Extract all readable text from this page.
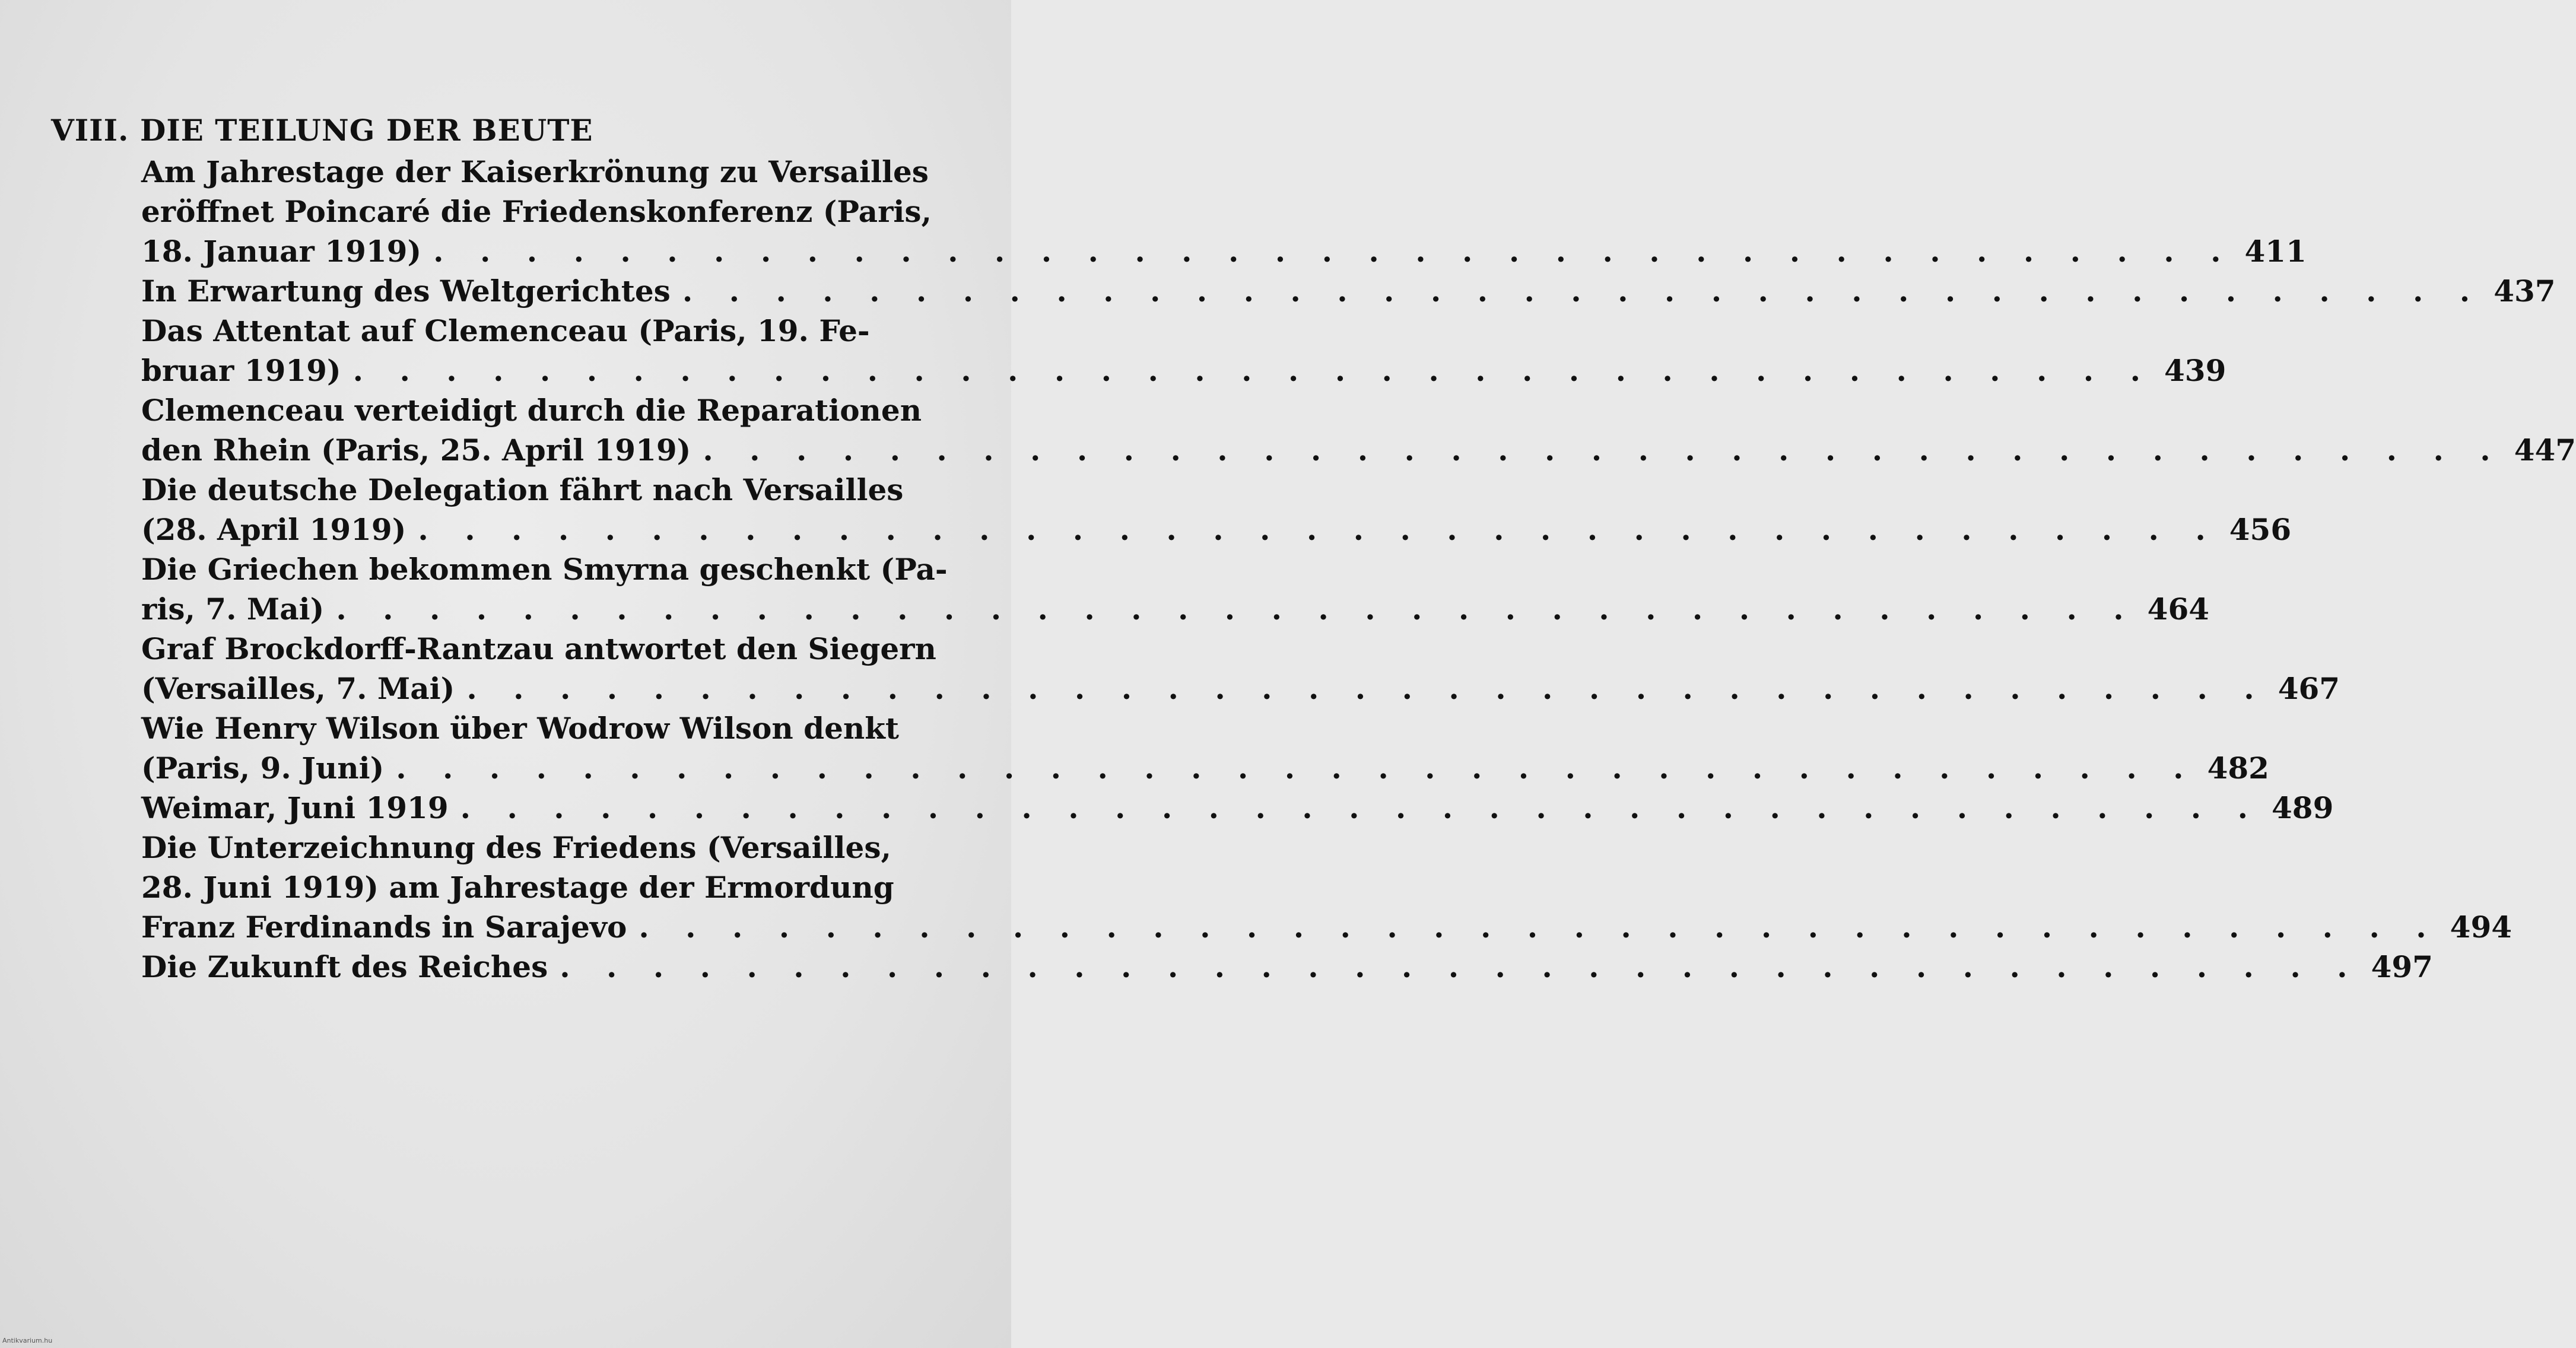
VIII. DIE TEILUNG DER BEUTE
Am Jahrestage der Kaiserkrönung zu Versailles
eröffnet Poincaré die Friedenskonferenz (Paris,
18. Januar 1919) . . . . . . . . . . . . . . . . . . . . . . . . . . . . . . . . . . . . . . . 411
In Erwartung des Weltgerichtes . . . . . . . . . . . . . . . . . . . . . . . . . . . . . . . . . . . . . . . 437
Das Attentat auf Clemenceau (Paris, 19. Fe-
bruar 1919) . . . . . . . . . . . . . . . . . . . . . . . . . . . . . . . . . . . . . . . 439
Clemenceau verteidigt durch die Reparationen
den Rhein (Paris, 25. April 1919) . . . . . . . . . . . . . . . . . . . . . . . . . . . . . . . . . . . . . . . 447
Die deutsche Delegation fährt nach Versailles
(28. April 1919) . . . . . . . . . . . . . . . . . . . . . . . . . . . . . . . . . . . . . . . 456
Die Griechen bekommen Smyrna geschenkt (Pa-
ris, 7. Mai) . . . . . . . . . . . . . . . . . . . . . . . . . . . . . . . . . . . . . . . 464
Graf Brockdorff-Rantzau antwortet den Siegern
(Versailles, 7. Mai) . . . . . . . . . . . . . . . . . . . . . . . . . . . . . . . . . . . . . . . 467
Wie Henry Wilson über Wodrow Wilson denkt
(Paris, 9. Juni) . . . . . . . . . . . . . . . . . . . . . . . . . . . . . . . . . . . . . . . 482
Weimar, Juni 1919 . . . . . . . . . . . . . . . . . . . . . . . . . . . . . . . . . . . . . . . 489
Die Unterzeichnung des Friedens (Versailles,
28. Juni 1919) am Jahrestage der Ermordung
Franz Ferdinands in Sarajevo . . . . . . . . . . . . . . . . . . . . . . . . . . . . . . . . . . . . . . . 494
Die Zukunft des Reiches . . . . . . . . . . . . . . . . . . . . . . . . . . . . . . . . . . . . . . . 497
Antikvarium.hu
